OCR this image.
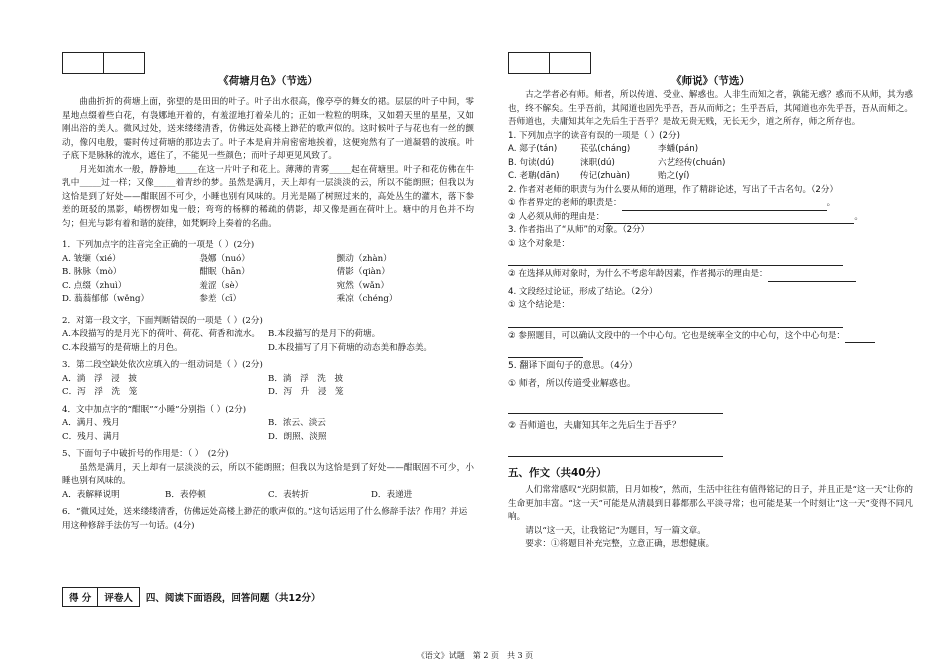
《荷塘月色》（节选）

曲曲折折的荷塘上面，弥望的是田田的叶子。叶子出水很高，像亭亭的舞女的裙。层层的叶子中间，零星地点缀着些白花，有袅娜地开着的，有羞涩地打着朵儿的；正如一粒粒的明珠，又如碧天里的星星，又如刚出浴的美人。微风过处，送来缕缕清香，仿佛远处高楼上渺茫的歌声似的。这时候叶子与花也有一丝的颤动，像闪电般，霎时传过荷塘的那边去了。叶子本是肩并肩密密地挨着，这便宛然有了一道凝碧的波痕。叶子底下是脉脉的流水，遮住了，不能见一些颜色；而叶子却更见风致了。

月光如流水一般，静静地_____在这一片叶子和花上。薄薄的青雾_____起在荷塘里。叶子和花仿佛在牛乳中_____过一样；又像_____着青纱的梦。虽然是满月，天上却有一层淡淡的云，所以不能朗照；但我以为这恰是到了好处——酣眠固不可少，小睡也别有风味的。月光是隔了树照过来的，高处丛生的灌木，落下参差的斑驳的黑影，峭楞楞如鬼一般；弯弯的杨柳的稀疏的倩影，却又像是画在荷叶上。塘中的月色并不均匀；但光与影有着和谐的旋律，如梵婀玲上奏着的名曲。

1．下列加点字的注音完全正确的一项是（ ）(2分)

A. 皱缬（xié）	袅娜（nuó）	颤动（zhàn）
B. 脉脉（mò）	酣眠（hān）	倩影（qiàn）
C. 点缀（zhuì）	羞涩（sè）	宛然（wǎn）
D. 蓊蓊郁郁（wěng）	参差（cī）	乘凉（chéng）

2．对第一段文字，下面判断错误的一项是（ ）(2分)

A.本段描写的是月光下的荷叶、荷花、荷香和流水。 B.本段描写的是月下的荷塘。
C.本段描写的是荷塘上的月色。	D.本段描写了月下荷塘的动态美和静态美。

3．第二段空缺处依次应填入的一组动词是（ ）(2分)

A．淌　浮　浸　披	B．淌　浮　洗　披
C．泻　浮　洗　笼	D．泻　升　浸　笼

4．文中加点字的“酣眠”“小睡”分别指（ ）(2分)

A．满月、残月	B．浓云、淡云
C．残月、满月	D．朗照、淡照

5、下面句子中破折号的作用是：（ ）　(2分)

虽然是满月，天上却有一层淡淡的云，所以不能朗照；但我以为这恰是到了好处——酣眠固不可少，小睡也别有风味的。

A．表解释说明	B．表停顿	C．表转折	D．表递进

6．“微风过处，送来缕缕清香，仿佛远处高楼上渺茫的歌声似的。”这句话运用了什么修辞手法？作用？并运用这种修辞手法仿写一句话。(4分)

得 分	评卷人 四、阅读下面语段，回答问题（共12分）

《师说》（节选）

古之学者必有师。师者，所以传道、受业、解惑也。人非生而知之者，孰能无惑？惑而不从师，其为惑也，终不解矣。生乎吾前，其闻道也固先乎吾，吾从而师之；生乎吾后，其闻道也亦先乎吾，吾从而师之。吾师道也，夫庸知其年之先后生于吾乎？是故无贵无贱，无长无少，道之所存，师之所存也。

1. 下列加点字的读音有误的一项是（ ）(2分)

A. 郯子(tán)	苌弘(cháng)	李蟠(pán)
B. 句读(dú)	涞职(dú)	六艺经传(chuán)
C. 老聃(dān)	传记(zhuàn)	贻之(yí)

2. 作者对老师的职责与为什么要从师的道理，作了精辟论述，写出了千古名句。（2分）

① 作者界定的老师的职责是：	。

② 人必须从师的理由是：	。

3. 作者指出了“从师”的对象。（2分）

① 这个对象是：

② 在选择从师对象时，为什么不考虑年龄因素，作者揭示的理由是：

4. 文段经过论证，形成了结论。（2分）

① 这个结论是：

② 参照题目，可以确认文段中的一个中心句。它也是统率全文的中心句，这个中心句是：

5. 翻译下面句子的意思。（4分）

① 师者，所以传道受业解惑也。

② 吾师道也，夫庸知其年之先后生于吾乎？

五、作文（共40分）

人们常常感叹“光阴似箭，日月如梭”，然而，生活中往往有值得铭记的日子，并且正是“这一天”让你的生命更加丰富。“这一天”可能是从清晨到日暮都那么平淡寻常；也可能是某一个时刻让“这一天”变得不同凡响。

请以“这一天，让我铭记”为题目，写一篇文章。

要求：①将题目补充完整，立意正确，思想健康。

《语文》试题　第 2 页　共 3 页
